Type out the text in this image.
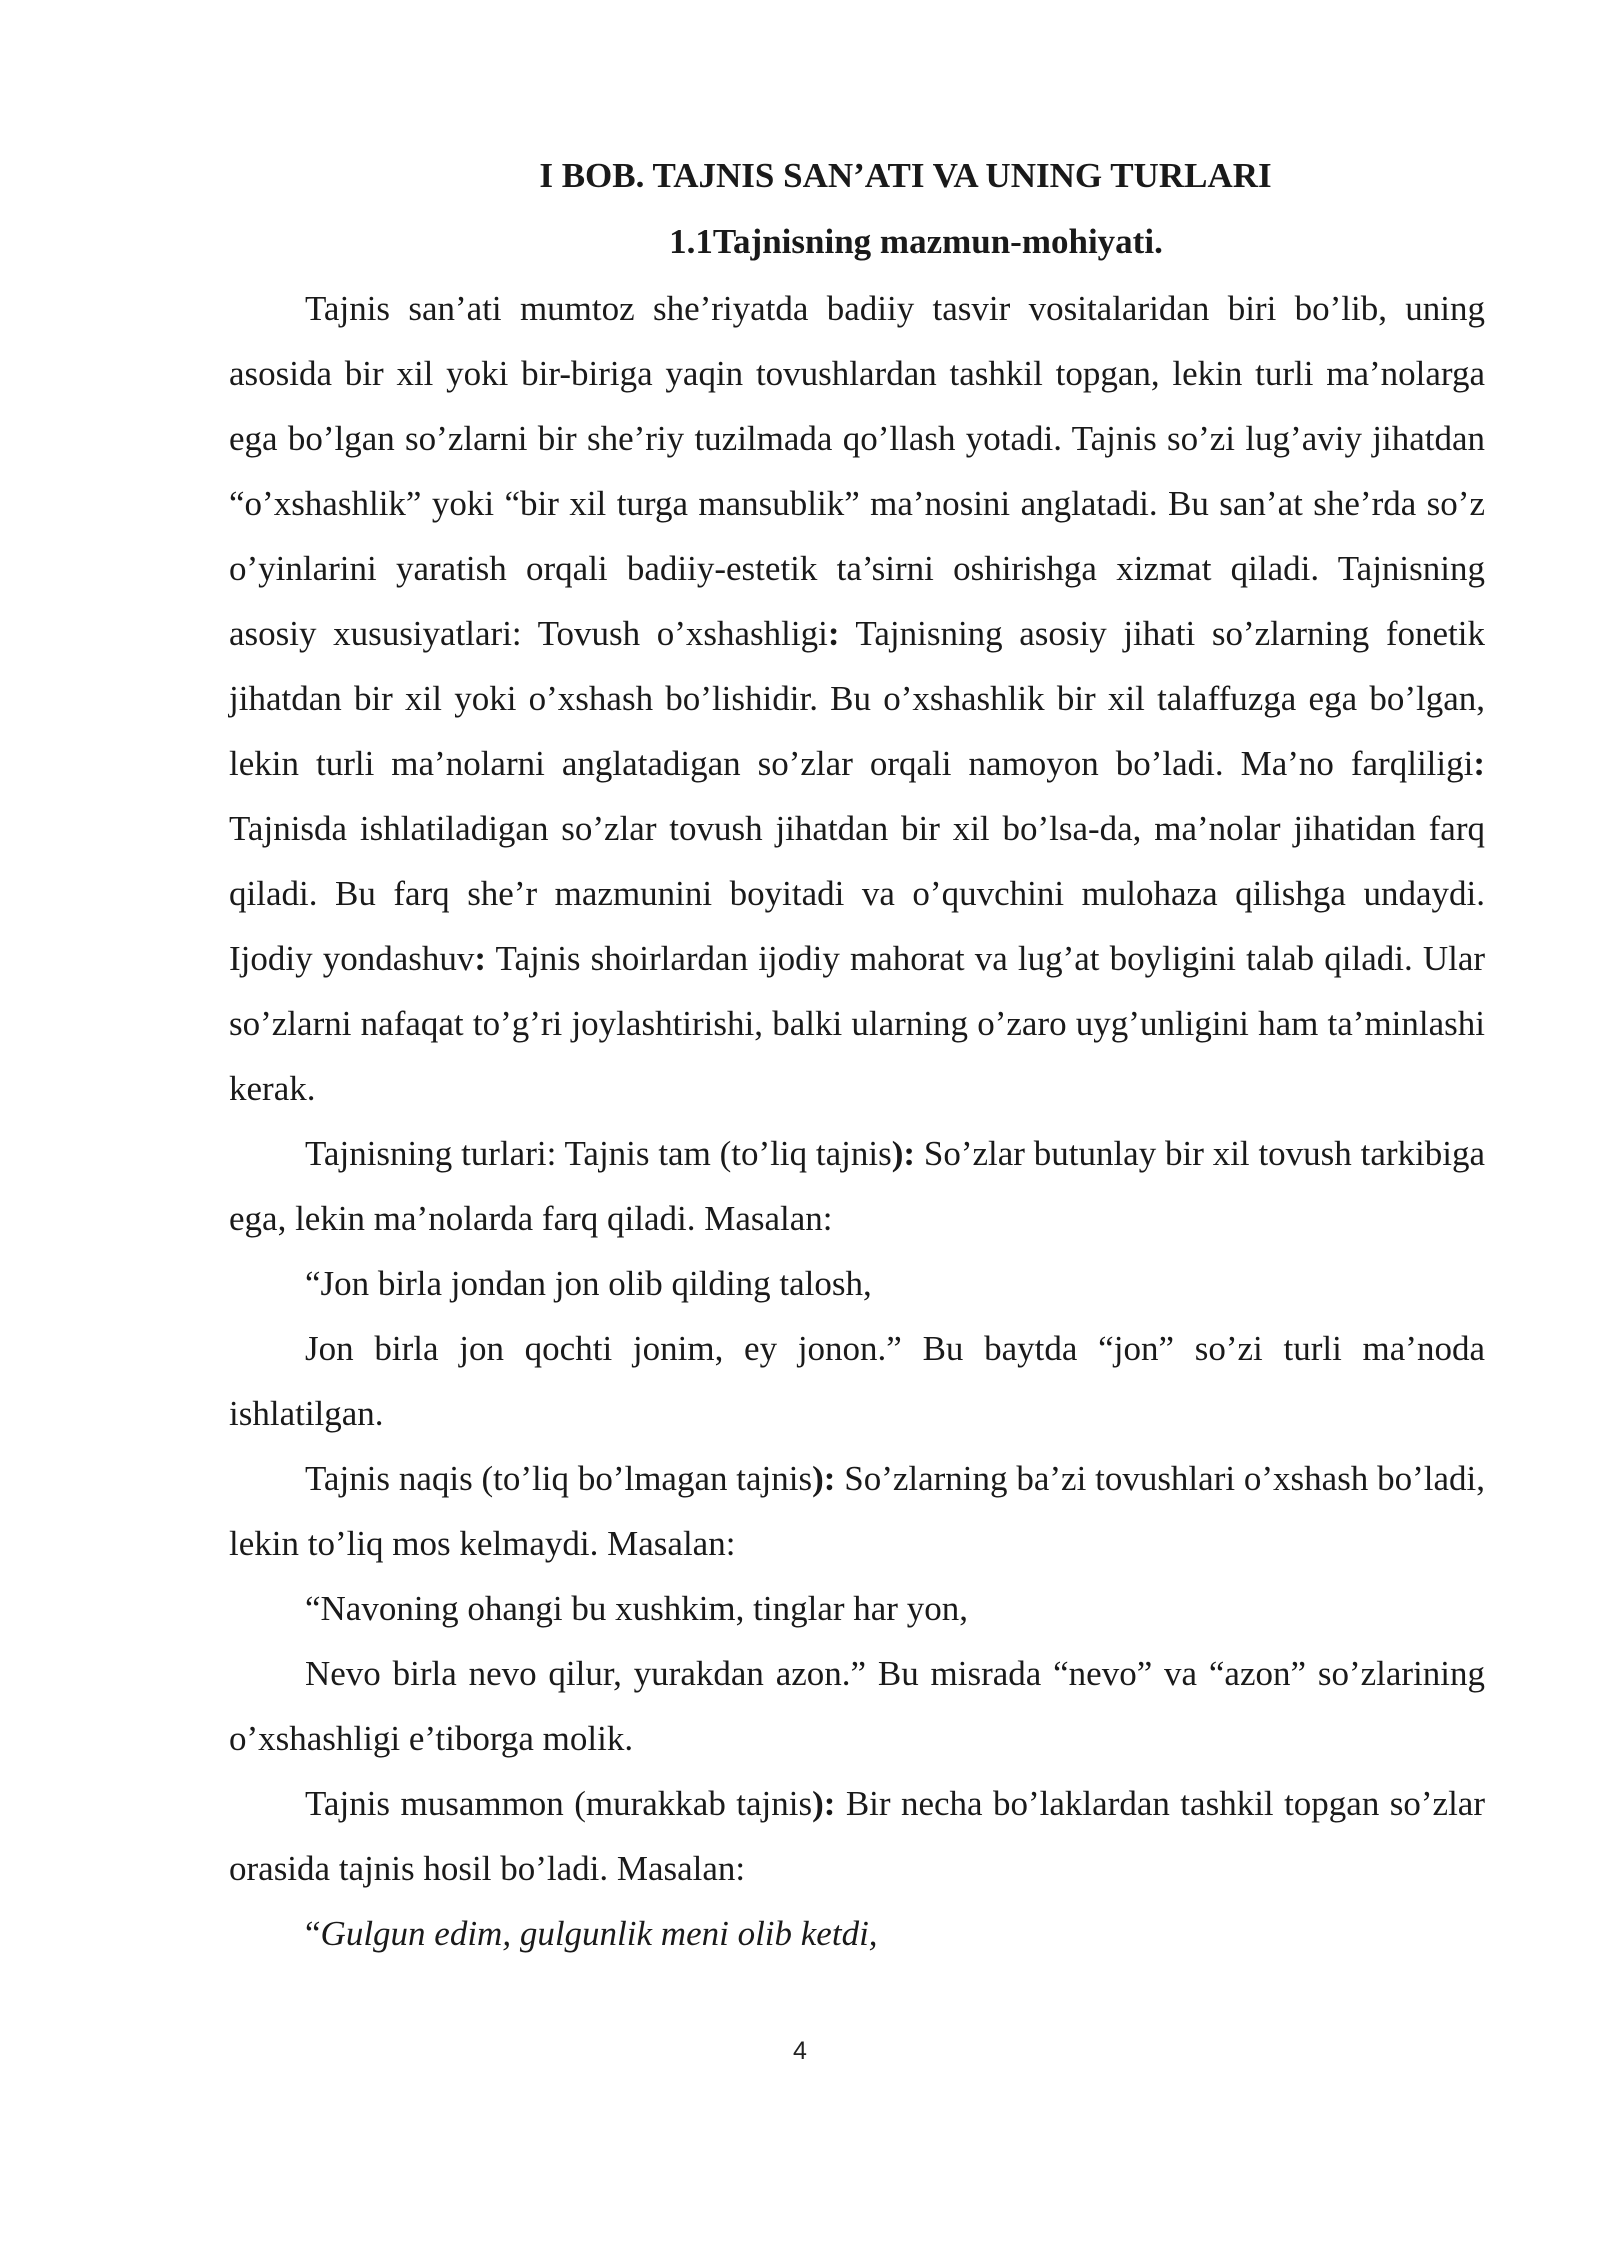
I BOB. TAJNIS SAN’ATI VA UNING TURLARI
1.1Tajnisning mazmun-mohiyati.

Tajnis san’ati mumtoz she’riyatda badiiy tasvir vositalaridan biri bo’lib, uning asosida bir xil yoki bir-biriga yaqin tovushlardan tashkil topgan, lekin turli ma’nolarga ega bo’lgan so’zlarni bir she’riy tuzilmada qo’llash yotadi. Tajnis so’zi lug’aviy jihatdan “o’xshashlik” yoki “bir xil turga mansublik” ma’nosini anglatadi. Bu san’at she’rda so’z o’yinlarini yaratish orqali badiiy-estetik ta’sirni oshirishga xizmat qiladi. Tajnisning asosiy xususiyatlari: Tovush o’xshashligi: Tajnisning asosiy jihati so’zlarning fonetik jihatdan bir xil yoki o’xshash bo’lishidir. Bu o’xshashlik bir xil talaffuzga ega bo’lgan, lekin turli ma’nolarni anglatadigan so’zlar orqali namoyon bo’ladi. Ma’no farqliligi: Tajnisda ishlatiladigan so’zlar tovush jihatdan bir xil bo’lsa-da, ma’nolar jihatidan farq qiladi. Bu farq she’r mazmunini boyitadi va o’quvchini mulohaza qilishga undaydi. Ijodiy yondashuv: Tajnis shoirlardan ijodiy mahorat va lug’at boyligini talab qiladi. Ular so’zlarni nafaqat to’g’ri joylashtirishi, balki ularning o’zaro uyg’unligini ham ta’minlashi kerak.

Tajnisning turlari: Tajnis tam (to’liq tajnis): So’zlar butunlay bir xil tovush tarkibiga ega, lekin ma’nolarda farq qiladi. Masalan:

“Jon birla jondan jon olib qilding talosh,

Jon birla jon qochti jonim, ey jonon.” Bu baytda “jon” so’zi turli ma’noda ishlatilgan.

Tajnis naqis (to’liq bo’lmagan tajnis): So’zlarning ba’zi tovushlari o’xshash bo’ladi, lekin to’liq mos kelmaydi. Masalan:

“Navoning ohangi bu xushkim, tinglar har yon,

Nevo birla nevo qilur, yurakdan azon.” Bu misrada “nevo” va “azon” so’zlarining o’xshashligi e’tiborga molik.

Tajnis musammon (murakkab tajnis): Bir necha bo’laklardan tashkil topgan so’zlar orasida tajnis hosil bo’ladi. Masalan:

“Gulgun edim, gulgunlik meni olib ketdi,

4
